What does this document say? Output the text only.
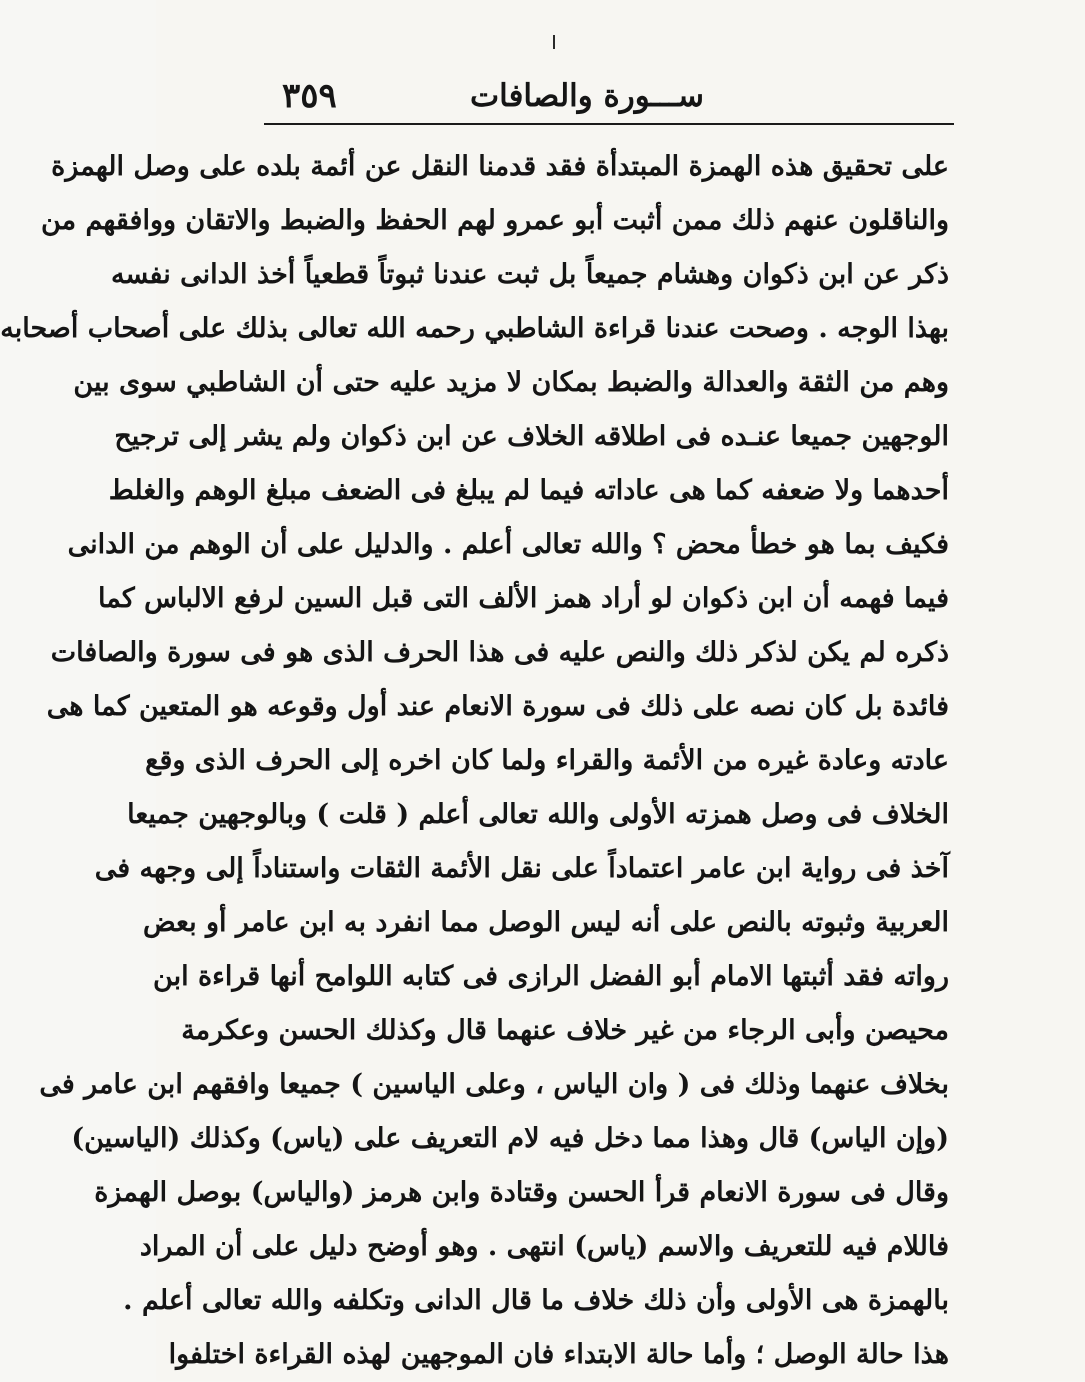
٣٥٩	ســـورة والصافات
على تحقيق هذه الهمزة المبتدأة فقد قدمنا النقل عن أئمة بلده على وصل الهمزة
والناقلون عنهم ذلك ممن أثبت أبو عمرو لهم الحفظ والضبط والاتقان ووافقهم من
ذكر عن ابن ذكوان وهشام جميعاً بل ثبت عندنا ثبوتاً قطعياً أخذ الدانى نفسه
بهذا الوجه . وصحت عندنا قراءة الشاطبي رحمه الله تعالى بذلك على أصحاب أصحابه
وهم من الثقة والعدالة والضبط بمكان لا مزيد عليه حتى أن الشاطبي سوى بين
الوجهين جميعا عنـده فى اطلاقه الخلاف عن ابن ذكوان ولم يشر إلى ترجيح
أحدهما ولا ضعفه كما هى عاداته فيما لم يبلغ فى الضعف مبلغ الوهم والغلط
فكيف بما هو خطأ محض ؟ والله تعالى أعلم . والدليل على أن الوهم من الدانى
فيما فهمه أن ابن ذكوان لو أراد همز الألف التى قبل السين لرفع الالباس كما
ذكره لم يكن لذكر ذلك والنص عليه فى هذا الحرف الذى هو فى سورة والصافات
فائدة بل كان نصه على ذلك فى سورة الانعام عند أول وقوعه هو المتعين كما هى
عادته وعادة غيره من الأئمة والقراء ولما كان اخره إلى الحرف الذى وقع
الخلاف فى وصل همزته الأولى والله تعالى أعلم ( قلت ) وبالوجهين جميعا
آخذ فى رواية ابن عامر اعتماداً على نقل الأئمة الثقات واستناداً إلى وجهه فى
العربية وثبوته بالنص على أنه ليس الوصل مما انفرد به ابن عامر أو بعض
رواته فقد أثبتها الامام أبو الفضل الرازى فى كتابه اللوامح أنها قراءة ابن
محيصن وأبى الرجاء من غير خلاف عنهما قال وكذلك الحسن وعكرمة
بخلاف عنهما وذلك فى ( وان الياس ، وعلى الياسين ) جميعا وافقهم ابن عامر فى
(وإن الياس) قال وهذا مما دخل فيه لام التعريف على (ياس) وكذلك (الياسين)
وقال فى سورة الانعام قرأ الحسن وقتادة وابن هرمز (والياس) بوصل الهمزة
فاللام فيه للتعريف والاسم (ياس) انتهى . وهو أوضح دليل على أن المراد
بالهمزة هى الأولى وأن ذلك خلاف ما قال الدانى وتكلفه والله تعالى أعلم .
هذا حالة الوصل ؛ وأما حالة الابتداء فان الموجهين لهذه القراءة اختلفوا
